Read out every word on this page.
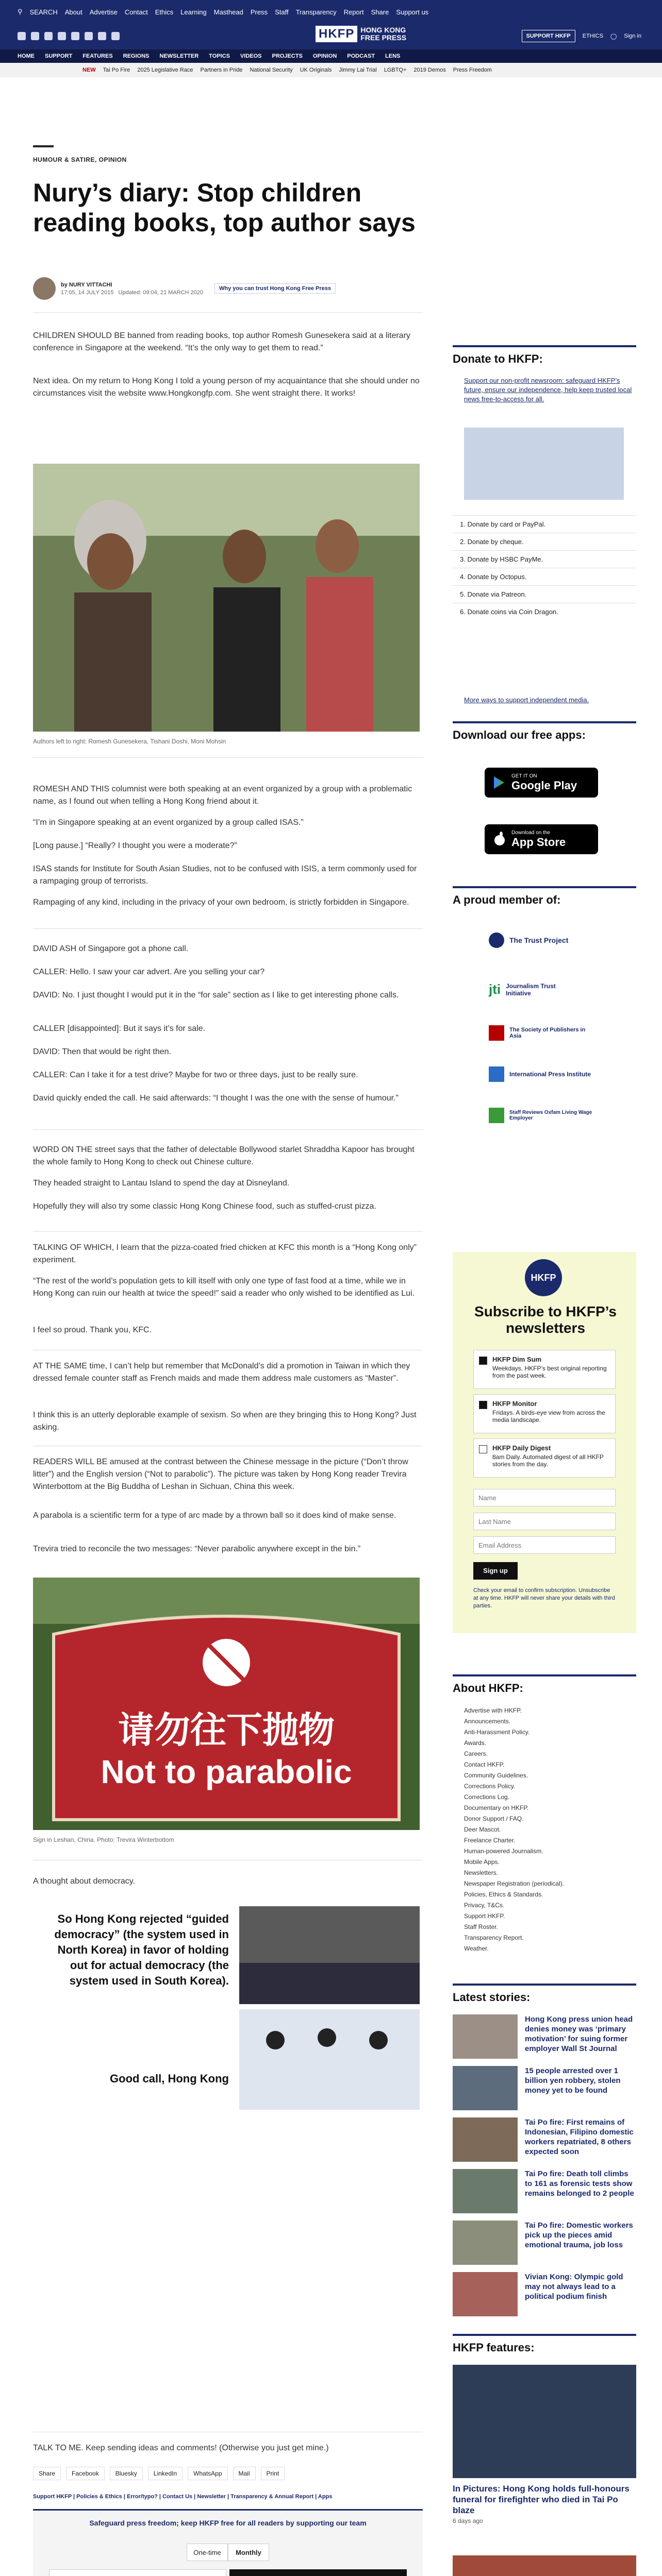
⚲ SEARCH About Advertise Contact Ethics Learning Masthead Press Staff Transparency Report Share Support us
HKFP HONG KONG
FREE PRESS	SUPPORT HKFP	ETHICS ◯ Sign in
HOME SUPPORT FEATURES REGIONS NEWSLETTER TOPICS VIDEOS PROJECTS OPINION PODCAST LENS
NEW Tai Po Fire 2025 Legislative Race Partners in Pride National Security UK Originals Jimmy Lai Trial LGBTQ+ 2019 Demos Press Freedom
HUMOUR & SATIRE, OPINION
Nury’s diary: Stop children reading books, top author says
by NURY VITTACHI
17:05, 14 JULY 2015 Updated: 09:04, 21 MARCH 2020
Why you can trust Hong Kong Free Press
CHILDREN SHOULD BE banned from reading books, top author Romesh Gunesekera said at a literary conference in Singapore at the weekend. “It’s the only way to get them to read.”
Next idea. On my return to Hong Kong I told a young person of my acquaintance that she should under no circumstances visit the website www.Hongkongfp.com. She went straight there. It works!
Authors left to right: Romesh Gunesekera, Tishani Doshi, Moni Mohsin
ROMESH AND THIS columnist were both speaking at an event organized by a group with a problematic name, as I found out when telling a Hong Kong friend about it.
“I’m in Singapore speaking at an event organized by a group called ISAS.”
[Long pause.] “Really? I thought you were a moderate?”
ISAS stands for Institute for South Asian Studies, not to be confused with ISIS, a term commonly used for a rampaging group of terrorists.
Rampaging of any kind, including in the privacy of your own bedroom, is strictly forbidden in Singapore.
DAVID ASH of Singapore got a phone call.
CALLER: Hello. I saw your car advert. Are you selling your car?
DAVID: No. I just thought I would put it in the “for sale” section as I like to get interesting phone calls.
CALLER [disappointed]: But it says it’s for sale.
DAVID: Then that would be right then.
CALLER: Can I take it for a test drive? Maybe for two or three days, just to be really sure.
David quickly ended the call. He said afterwards: “I thought I was the one with the sense of humour.”
WORD ON THE street says that the father of delectable Bollywood starlet Shraddha Kapoor has brought the whole family to Hong Kong to check out Chinese culture.
They headed straight to Lantau Island to spend the day at Disneyland.
Hopefully they will also try some classic Hong Kong Chinese food, such as stuffed-crust pizza.
TALKING OF WHICH, I learn that the pizza-coated fried chicken at KFC this month is a “Hong Kong only” experiment.
“The rest of the world’s population gets to kill itself with only one type of fast food at a time, while we in Hong Kong can ruin our health at twice the speed!” said a reader who only wished to be identified as Lui.
I feel so proud. Thank you, KFC.
AT THE SAME time, I can’t help but remember that McDonald’s did a promotion in Taiwan in which they dressed female counter staff as French maids and made them address male customers as “Master”.
I think this is an utterly deplorable example of sexism. So when are they bringing this to Hong Kong? Just asking.
READERS WILL BE amused at the contrast between the Chinese message in the picture (“Don’t throw litter”) and the English version (“Not to parabolic”). The picture was taken by Hong Kong reader Trevira Winterbottom at the Big Buddha of Leshan in Sichuan, China this week.
A parabola is a scientific term for a type of arc made by a thrown ball so it does kind of make sense.
Trevira tried to reconcile the two messages: “Never parabolic anywhere except in the bin.”
请勿往下抛物
Not to parabolic
Sign in Leshan, China. Photo: Trevira Winterbottom
A thought about democracy.
So Hong Kong rejected “guided democracy” (the system used in North Korea) in favor of holding out for actual democracy (the system used in South Korea).
Good call, Hong Kong
TALK TO ME. Keep sending ideas and comments! (Otherwise you just get mine.)
Share	Facebook	Bluesky	LinkedIn	WhatsApp	Mail	Print
Support HKFP | Policies & Ethics | Error/typo? | Contact Us | Newsletter | Transparency & Annual Report | Apps
Safeguard press freedom; keep HKFP free for all readers by supporting our team
One-time	Monthly
Donate to HKFP:
Support our non-profit newsroom: safeguard HKFP’s future, ensure our independence, help keep trusted local news free-to-access for all.
1. Donate by card or PayPal.
2. Donate by cheque.
3. Donate by HSBC PayMe.
4. Donate by Octopus.
5. Donate via Patreon.
6. Donate coins via Coin Dragon.
More ways to support independent media.
Download our free apps:
GET IT ON
Google Play
Download on the
App Store
A proud member of:
The Trust Project
jti Journalism Trust Initiative
The Society of Publishers in Asia
International Press Institute
Staff Reviews Oxfam Living Wage Employer
HKFP
Subscribe to HKFP’s newsletters
HKFP Dim Sum
Weekdays. HKFP’s best original reporting from the past week.
HKFP Monitor
Fridays. A birds-eye view from across the media landscape.
HKFP Daily Digest
8am Daily. Automated digest of all HKFP stories from the day.
Name
Last Name
Email Address
Sign up
Check your email to confirm subscription. Unsubscribe at any time. HKFP will never share your details with third parties.
About HKFP:
Advertise with HKFP.
Announcements.
Anti-Harassment Policy.
Awards.
Careers.
Contact HKFP.
Community Guidelines.
Corrections Policy.
Corrections Log.
Documentary on HKFP.
Donor Support / FAQ.
Deer Mascot.
Freelance Charter.
Human-powered Journalism.
Mobile Apps.
Newsletters.
Newspaper Registration (periodical).
Policies, Ethics & Standards.
Privacy, T&Cs.
Support HKFP.
Staff Roster.
Transparency Report.
Weather.
Latest stories:
Hong Kong press union head denies money was ‘primary motivation’ for suing former employer Wall St Journal
15 people arrested over 1 billion yen robbery, stolen money yet to be found
Tai Po fire: First remains of Indonesian, Filipino domestic workers repatriated, 8 others expected soon
Tai Po fire: Death toll climbs to 161 as forensic tests show remains belonged to 2 people
Tai Po fire: Domestic workers pick up the pieces amid emotional trauma, job loss
Vivian Kong: Olympic gold may not always lead to a political podium finish
HKFP features:
In Pictures: Hong Kong holds full-honours funeral for firefighter who died in Tai Po blaze
6 days ago
